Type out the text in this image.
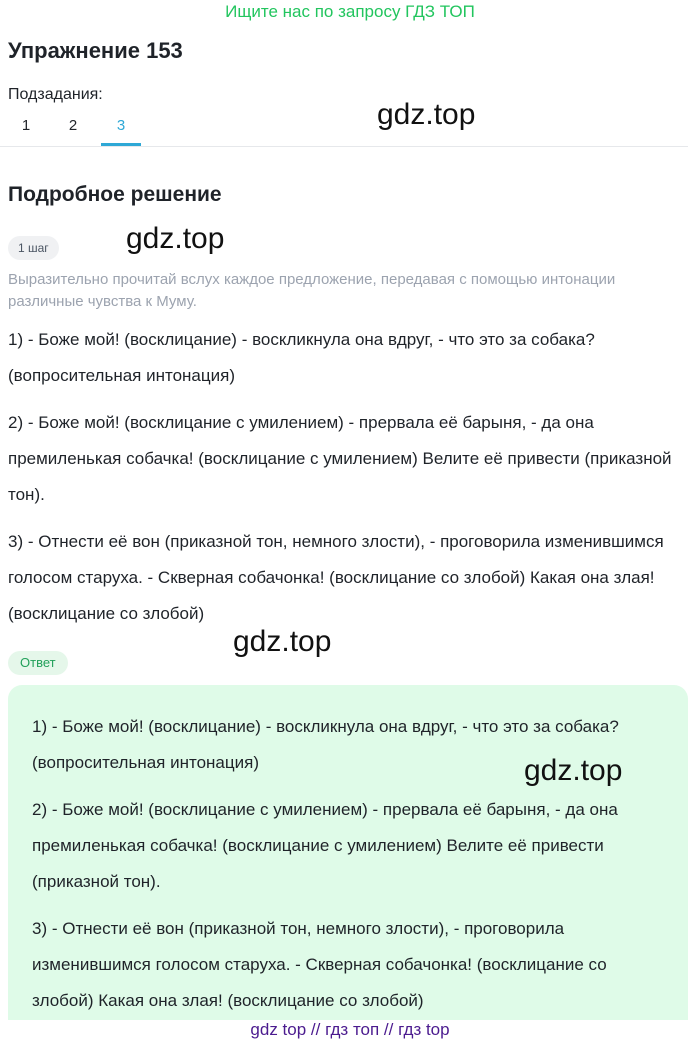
Ищите нас по запросу ГДЗ ТОП
Упражнение 153
Подзадания:
1	2	3	gdz.top
Подробное решение
1 шаг	gdz.top
Выразительно прочитай вслух каждое предложение, передавая с помощью интонации различные чувства к Муму.

1) - Боже мой! (восклицание) - воскликнула она вдруг, - что это за собака? (вопросительная интонация)

2) - Боже мой! (восклицание с умилением) - прервала её барыня, - да она премиленькая собачка! (восклицание с умилением) Велите её привести (приказной тон).

3) - Отнести её вон (приказной тон, немного злости), - проговорила изменившимся голосом старуха. - Скверная собачонка! (восклицание со злобой) Какая она злая! (восклицание со злобой)

gdz.top
Ответ

1) - Боже мой! (восклицание) - воскликнула она вдруг, - что это за собака? (вопросительная интонация)

2) - Боже мой! (восклицание с умилением) - прервала её барыня, - да она премиленькая собачка! (восклицание с умилением) Велите её привести (приказной тон).

3) - Отнести её вон (приказной тон, немного злости), - проговорила изменившимся голосом старуха. - Скверная собачонка! (восклицание со злобой) Какая она злая! (восклицание со злобой)

gdz.top
gdz top // гдз топ // гдз top
